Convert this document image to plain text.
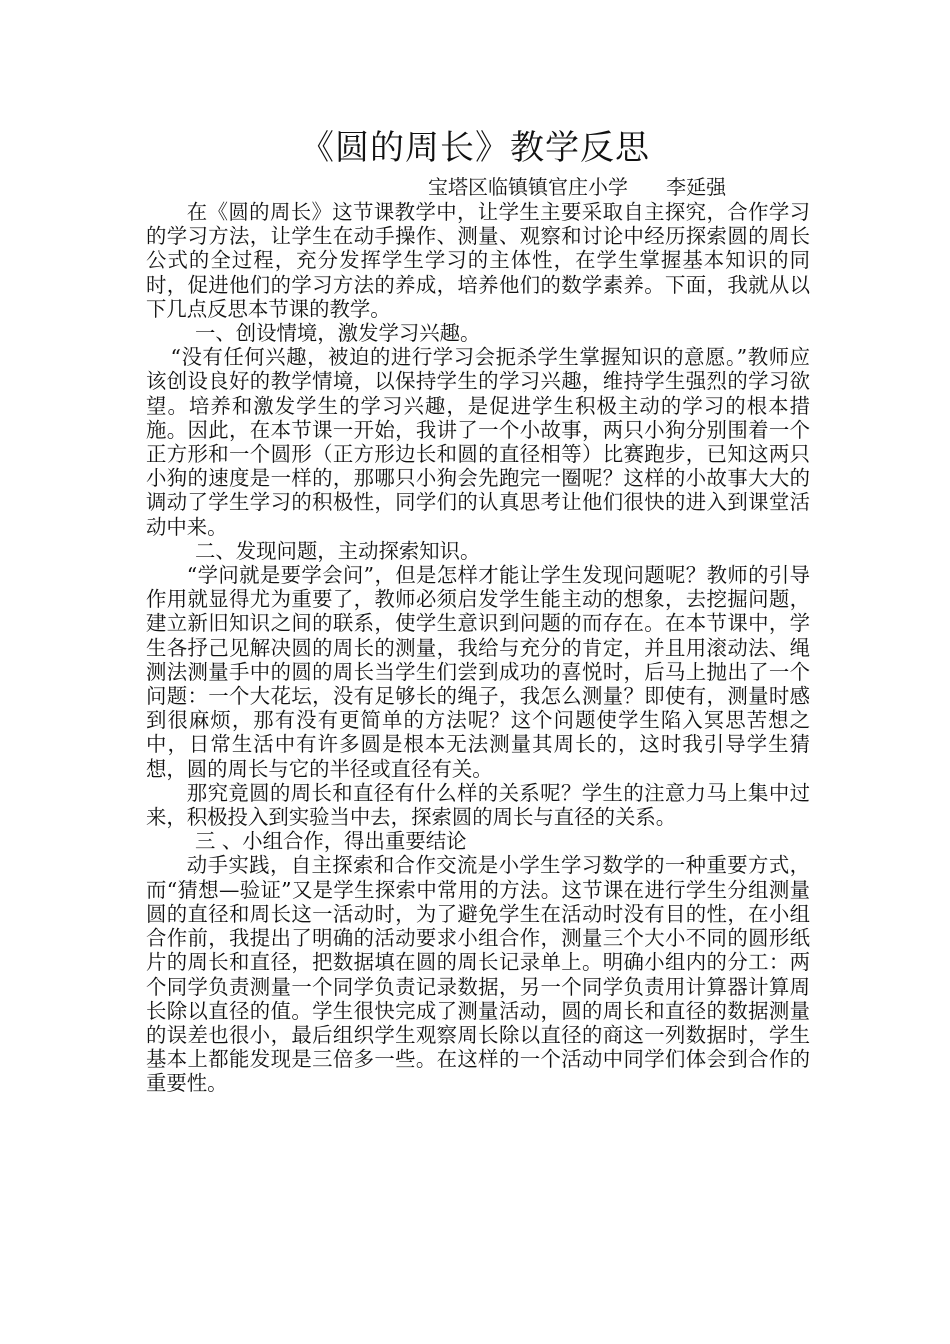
《圆的周长》教学反思
宝塔区临镇镇官庄小学      李延强

在《圆的周长》这节课教学中，让学生主要采取自主探究，合作学习的学习方法，让学生在动手操作、测量、观察和讨论中经历探索圆的周长公式的全过程，充分发挥学生学习的主体性，在学生掌握基本知识的同时，促进他们的学习方法的养成，培养他们的数学素养。下面，我就从以下几点反思本节课的教学。

一、创设情境，激发学习兴趣。

“没有任何兴趣，被迫的进行学习会扼杀学生掌握知识的意愿。”教师应该创设良好的教学情境，以保持学生的学习兴趣，维持学生强烈的学习欲望。培养和激发学生的学习兴趣，是促进学生积极主动的学习的根本措施。因此，在本节课一开始，我讲了一个小故事，两只小狗分别围着一个正方形和一个圆形（正方形边长和圆的直径相等）比赛跑步，已知这两只小狗的速度是一样的，那哪只小狗会先跑完一圈呢？这样的小故事大大的调动了学生学习的积极性，同学们的认真思考让他们很快的进入到课堂活动中来。

二、发现问题，主动探索知识。

“学问就是要学会问”，但是怎样才能让学生发现问题呢？教师的引导作用就显得尤为重要了，教师必须启发学生能主动的想象，去挖掘问题，建立新旧知识之间的联系，使学生意识到问题的而存在。在本节课中，学生各抒己见解决圆的周长的测量，我给与充分的肯定，并且用滚动法、绳测法测量手中的圆的周长当学生们尝到成功的喜悦时，后马上抛出了一个问题：一个大花坛，没有足够长的绳子，我怎么测量？即使有，测量时感到很麻烦，那有没有更简单的方法呢？这个问题使学生陷入冥思苦想之中，日常生活中有许多圆是根本无法测量其周长的，这时我引导学生猜想，圆的周长与它的半径或直径有关。

那究竟圆的周长和直径有什么样的关系呢？学生的注意力马上集中过来，积极投入到实验当中去，探索圆的周长与直径的关系。

三 、小组合作，得出重要结论

动手实践，自主探索和合作交流是小学生学习数学的一种重要方式，而“猜想—验证”又是学生探索中常用的方法。这节课在进行学生分组测量圆的直径和周长这一活动时，为了避免学生在活动时没有目的性，在小组合作前，我提出了明确的活动要求小组合作，测量三个大小不同的圆形纸片的周长和直径，把数据填在圆的周长记录单上。明确小组内的分工：两个同学负责测量一个同学负责记录数据，另一个同学负责用计算器计算周长除以直径的值。学生很快完成了测量活动，圆的周长和直径的数据测量的误差也很小，最后组织学生观察周长除以直径的商这一列数据时，学生基本上都能发现是三倍多一些。在这样的一个活动中同学们体会到合作的重要性。
